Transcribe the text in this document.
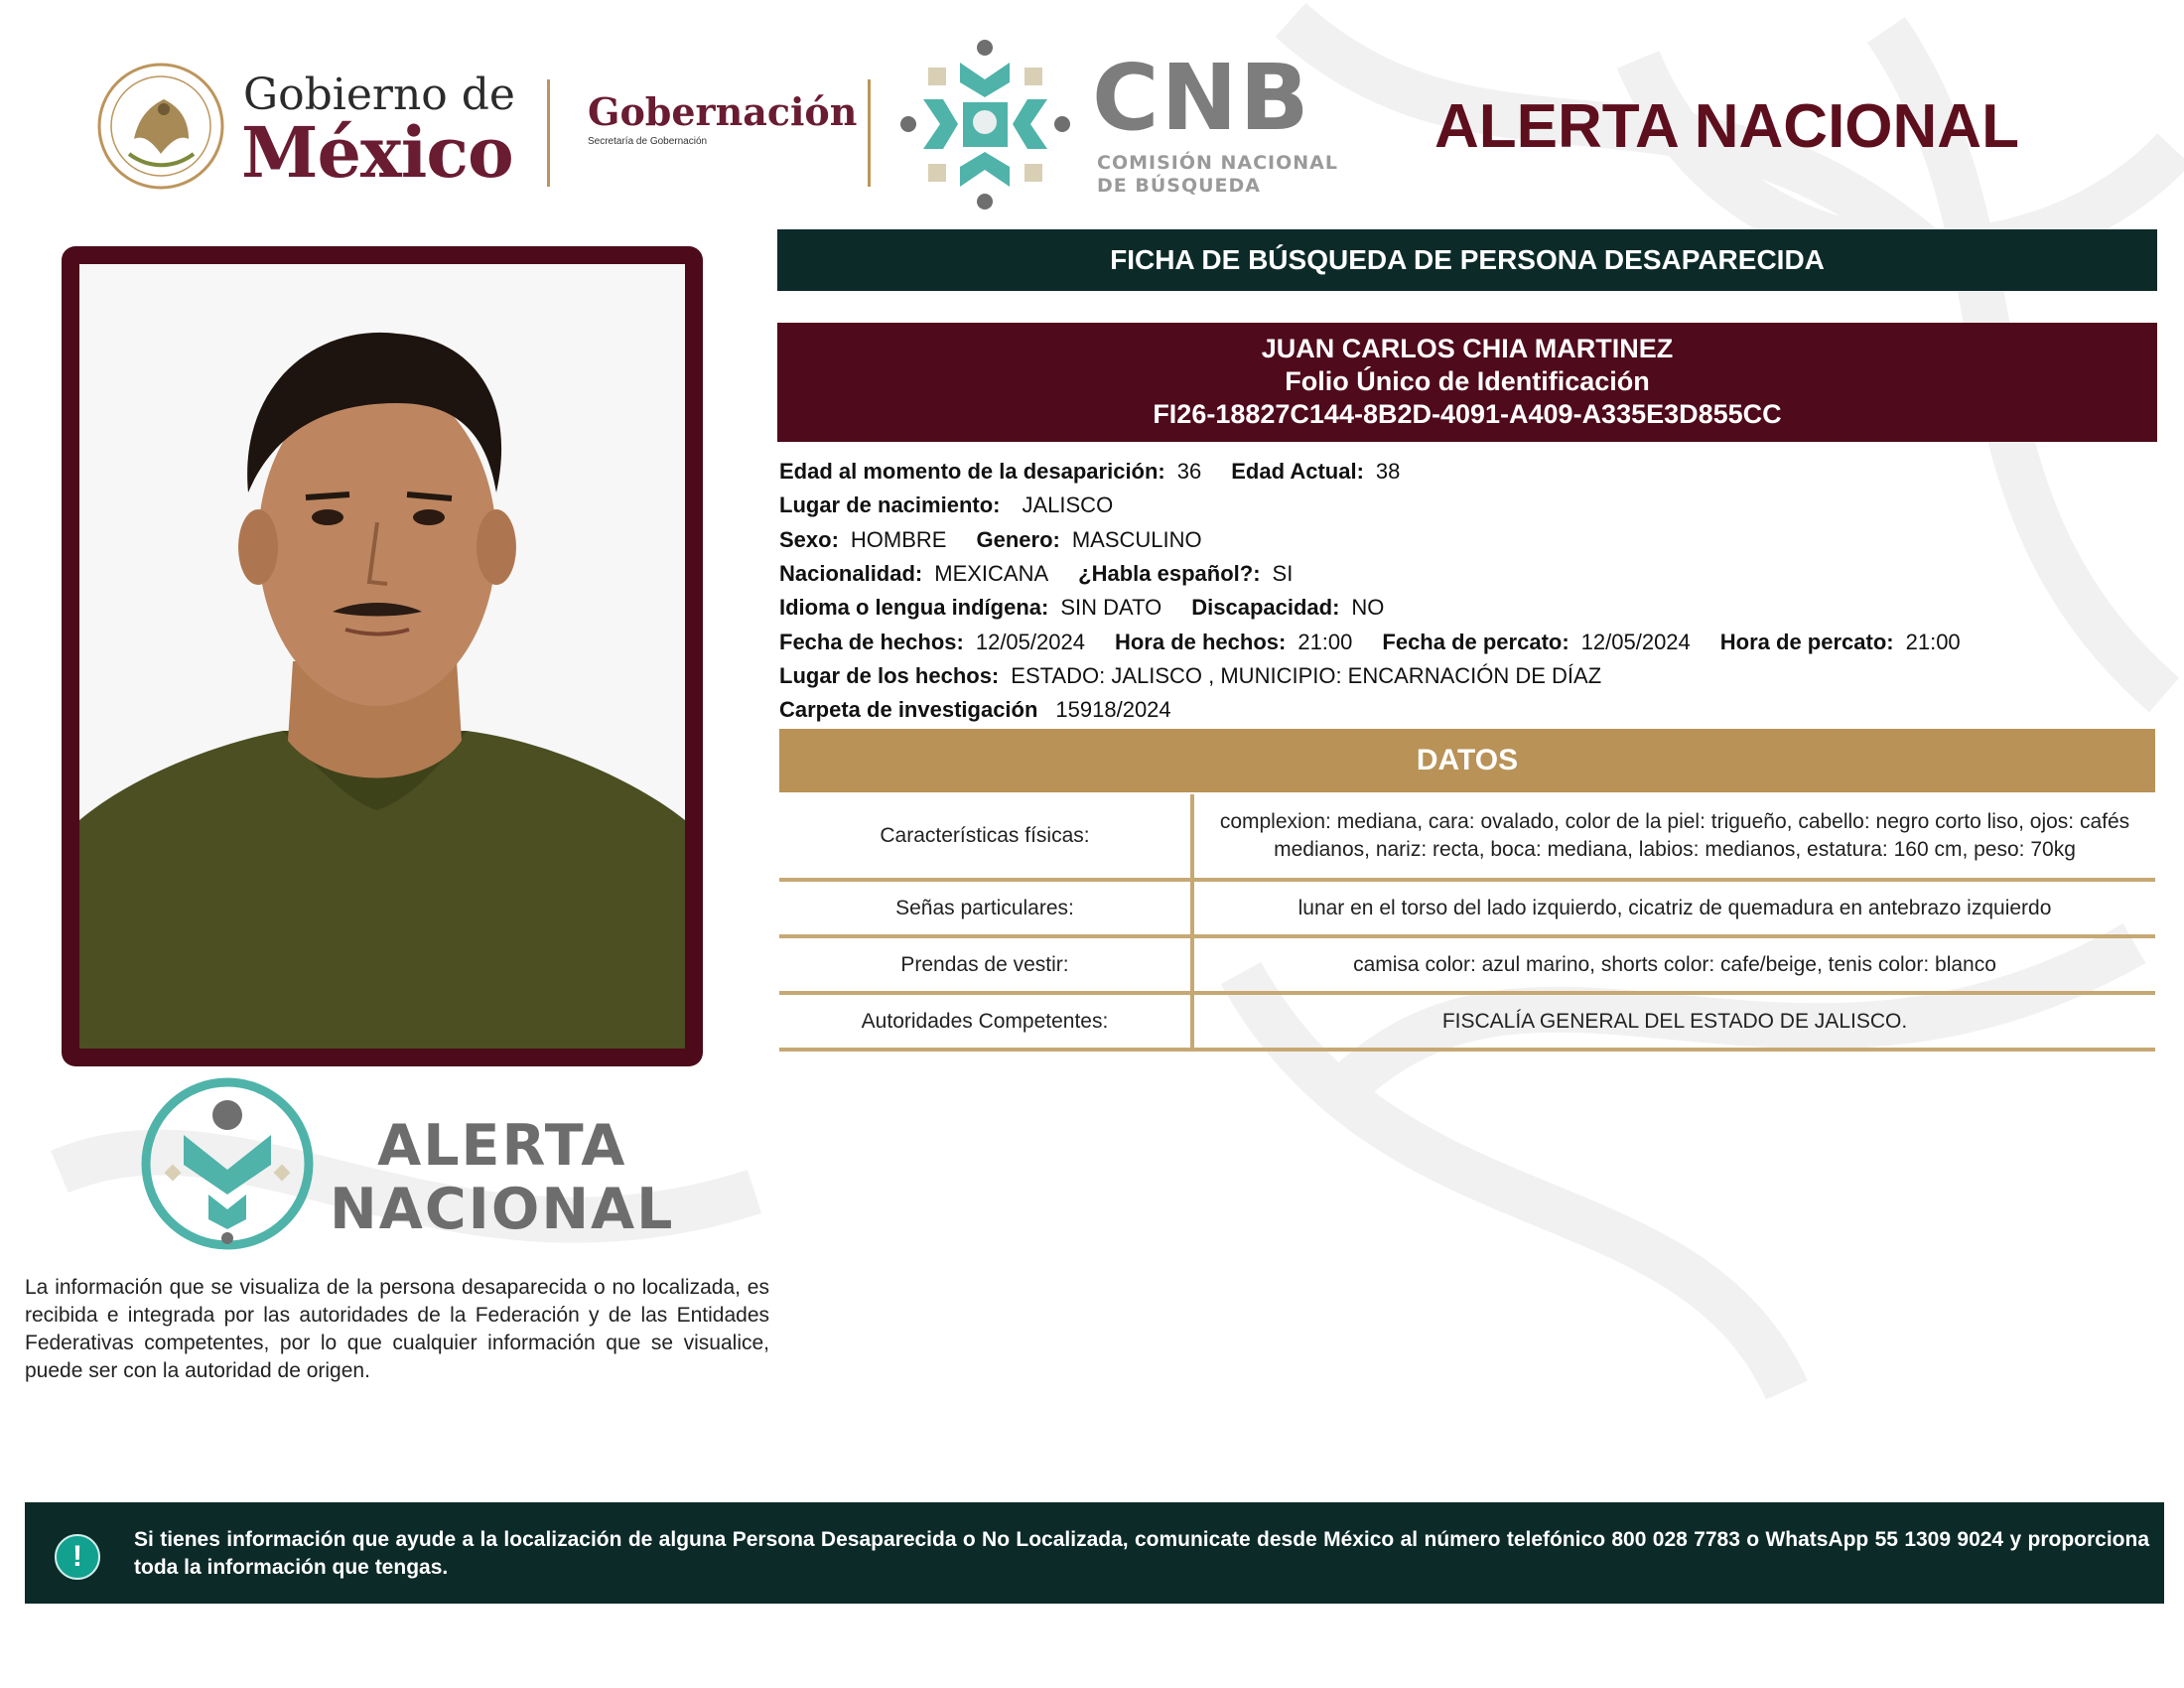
Gobierno de
México Gobernación
Secretaría de Gobernación	CNB
COMISIÓN NACIONAL
DE BÚSQUEDA
ALERTA NACIONAL
FICHA DE BÚSQUEDA DE PERSONA DESAPARECIDA
JUAN CARLOS CHIA MARTINEZ
Folio Único de Identificación
FI26-18827C144-8B2D-4091-A409-A335E3D855CC
Edad al momento de la desaparición: 36 Edad Actual: 38
Lugar de nacimiento: JALISCO
Sexo: HOMBRE Genero: MASCULINO
Nacionalidad: MEXICANA ¿Habla español?: SI
Idioma o lengua indígena: SIN DATO Discapacidad: NO
Fecha de hechos: 12/05/2024 Hora de hechos: 21:00 Fecha de percato: 12/05/2024 Hora de percato: 21:00
Lugar de los hechos: ESTADO: JALISCO , MUNICIPIO: ENCARNACIÓN DE DÍAZ
Carpeta de investigación 15918/2024
DATOS
Características físicas:
complexion: mediana, cara: ovalado, color de la piel: trigueño, cabello: negro corto liso, ojos: cafés medianos, nariz: recta, boca: mediana, labios: medianos, estatura: 160 cm, peso: 70kg
Señas particulares:	lunar en el torso del lado izquierdo, cicatriz de quemadura en antebrazo izquierdo
Prendas de vestir:	camisa color: azul marino, shorts color: cafe/beige, tenis color: blanco
Autoridades Competentes:	FISCALÍA GENERAL DEL ESTADO DE JALISCO.
ALERTA
NACIONAL
La información que se visualiza de la persona desaparecida o no localizada, es recibida e integrada por las autoridades de la Federación y de las Entidades Federativas competentes, por lo que cualquier información que se visualice, puede ser con la autoridad de origen.
!
Si tienes información que ayude a la localización de alguna Persona Desaparecida o No Localizada, comunicate desde México al número telefónico 800 028 7783 o WhatsApp 55 1309 9024 y proporciona toda la información que tengas.
